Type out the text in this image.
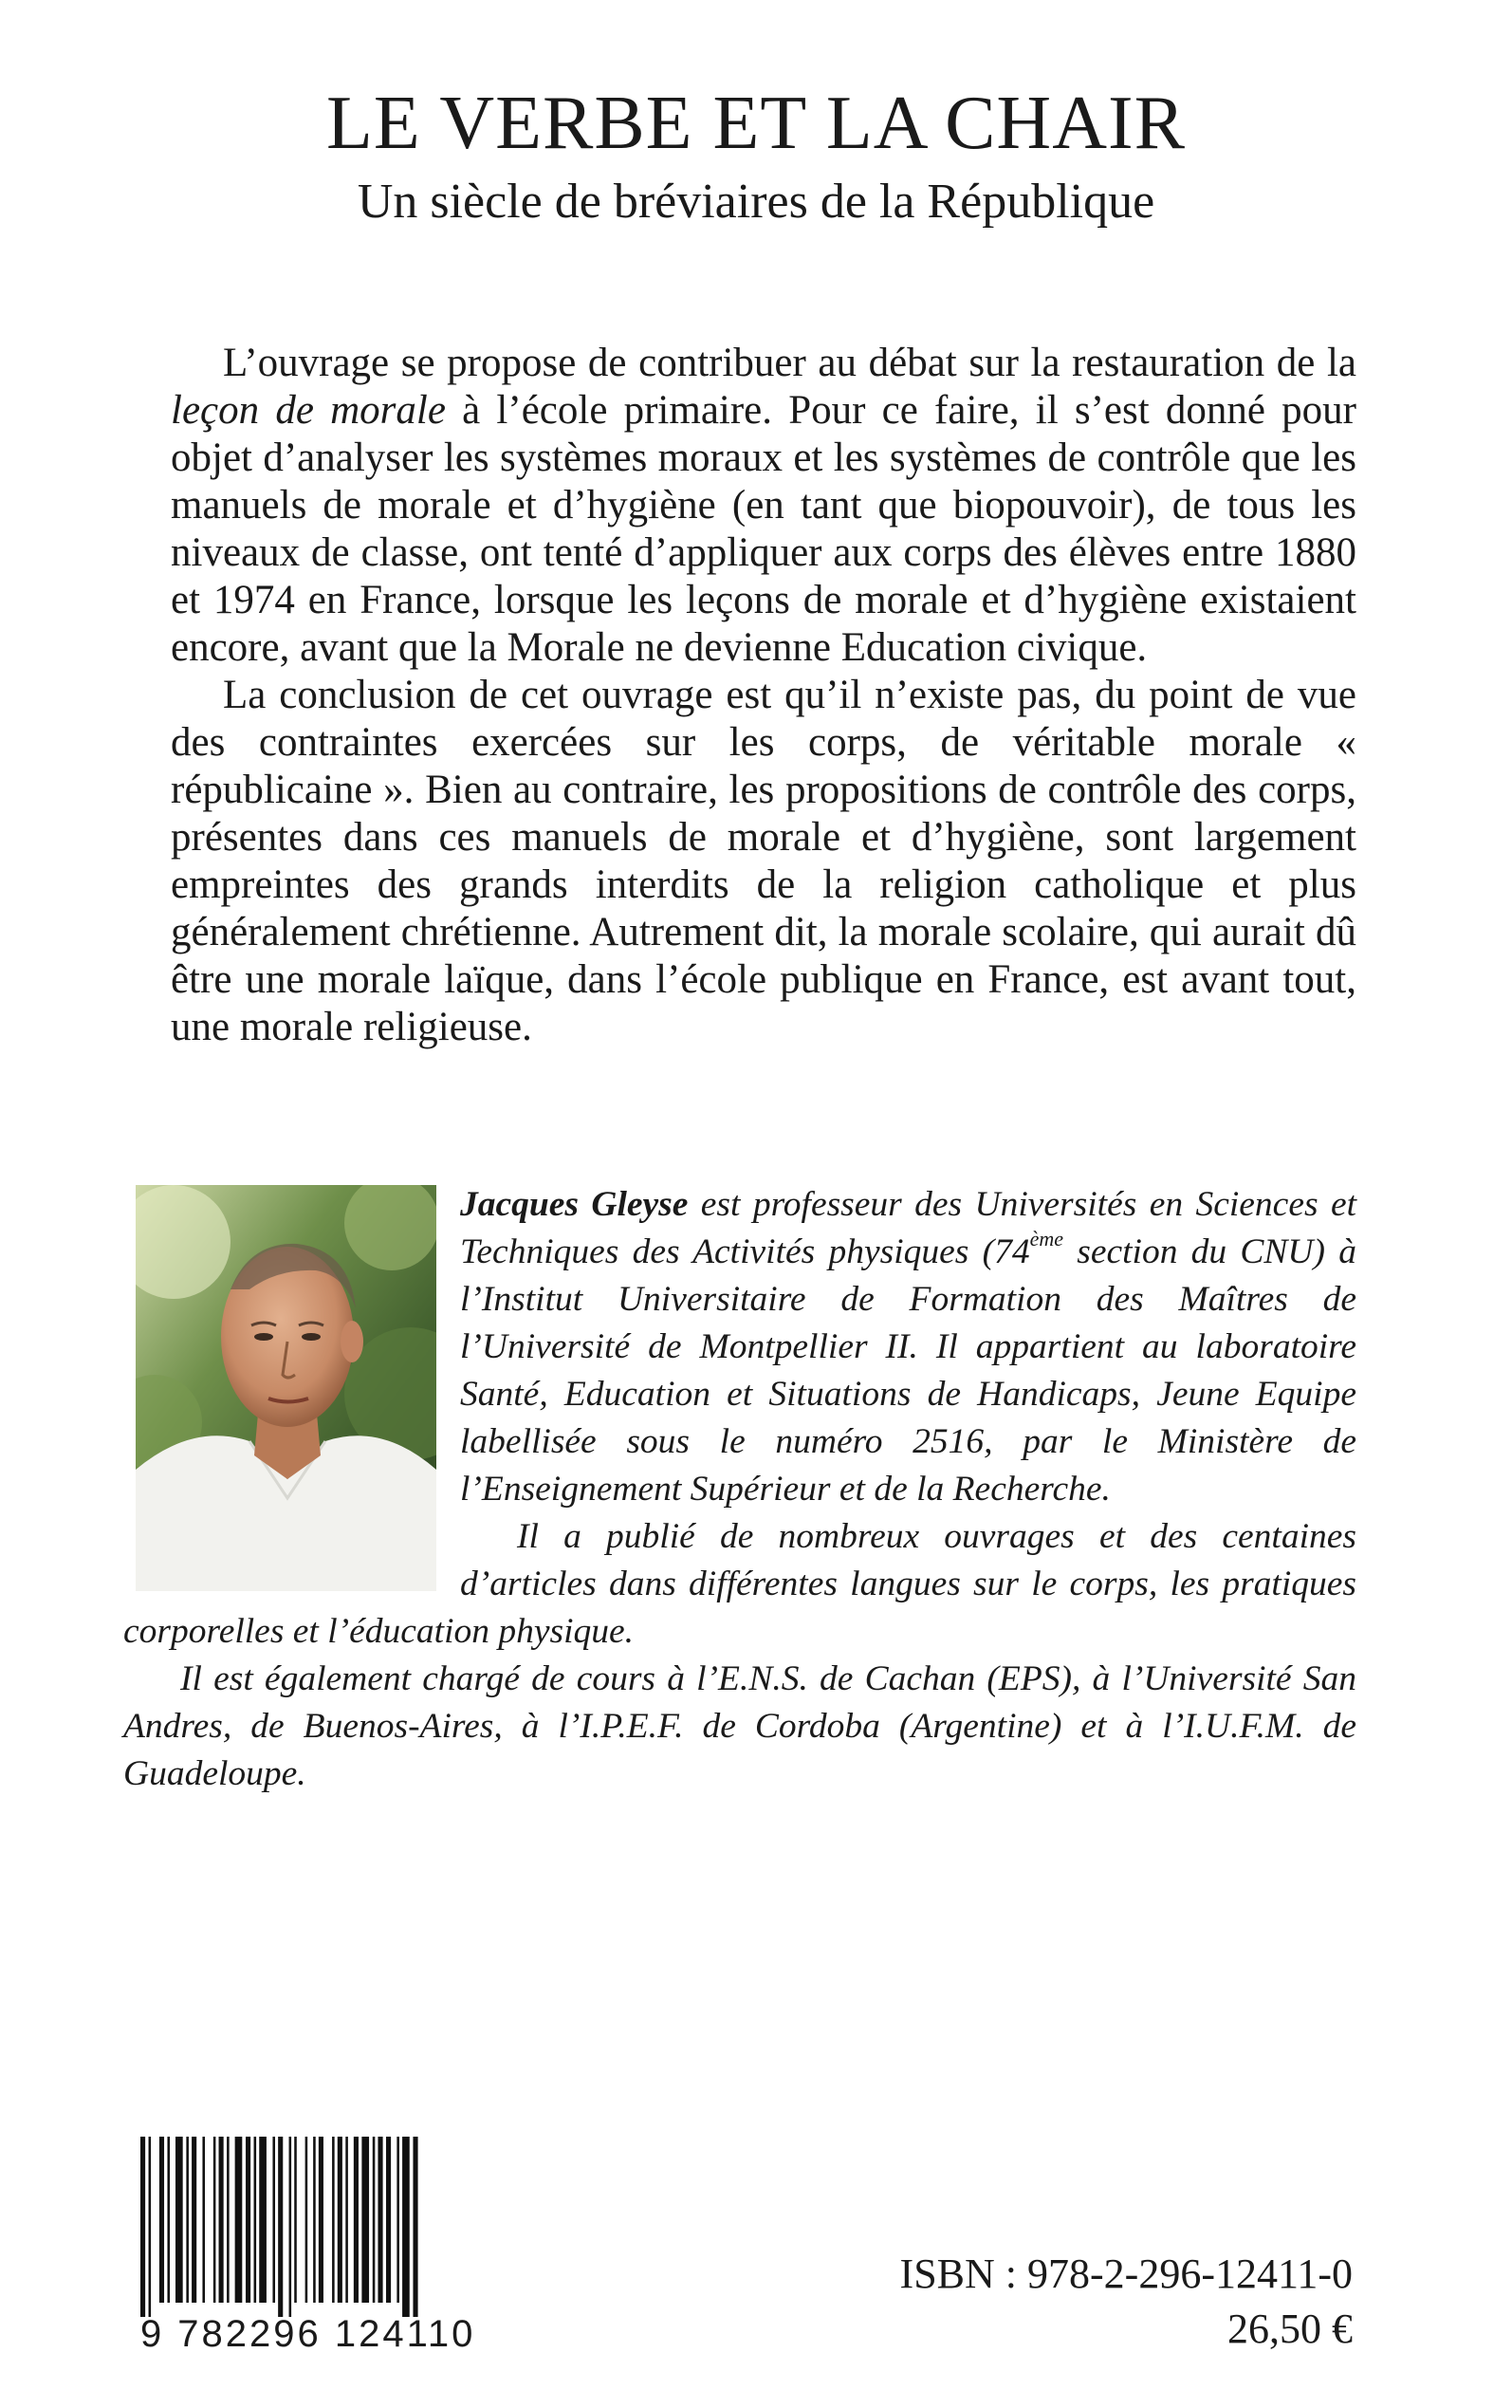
LE VERBE ET LA CHAIR
Un siècle de bréviaires de la République

L’ouvrage se propose de contribuer au débat sur la restauration de la leçon de morale à l’école primaire. Pour ce faire, il s’est donné pour objet d’analyser les systèmes moraux et les systèmes de contrôle que les manuels de morale et d’hygiène (en tant que biopouvoir), de tous les niveaux de classe, ont tenté d’appliquer aux corps des élèves entre 1880 et 1974 en France, lorsque les leçons de morale et d’hygiène existaient encore, avant que la Morale ne devienne Education civique.

La conclusion de cet ouvrage est qu’il n’existe pas, du point de vue des contraintes exercées sur les corps, de véritable morale « républicaine ». Bien au contraire, les propositions de contrôle des corps, présentes dans ces manuels de morale et d’hygiène, sont largement empreintes des grands interdits de la religion catholique et plus généralement chrétienne. Autrement dit, la morale scolaire, qui aurait dû être une morale laïque, dans l’école publique en France, est avant tout, une morale religieuse.

Jacques Gleyse est professeur des Universités en Sciences et Techniques des Activités physiques (74ème section du CNU) à l’Institut Universitaire de Formation des Maîtres de l’Université de Montpellier II. Il appartient au laboratoire Santé, Education et Situations de Handicaps, Jeune Equipe labellisée sous le numéro 2516, par le Ministère de l’Enseignement Supérieur et de la Recherche.

Il a publié de nombreux ouvrages et des centaines d’articles dans différentes langues sur le corps, les pratiques corporelles et l’éducation physique.

Il est également chargé de cours à l’E.N.S. de Cachan (EPS), à l’Université San Andres, de Buenos-Aires, à l’I.P.E.F. de Cordoba (Argentine) et à l’I.U.F.M. de Guadeloupe.

9 782296 124110
ISBN : 978-2-296-12411-0
26,50 €
